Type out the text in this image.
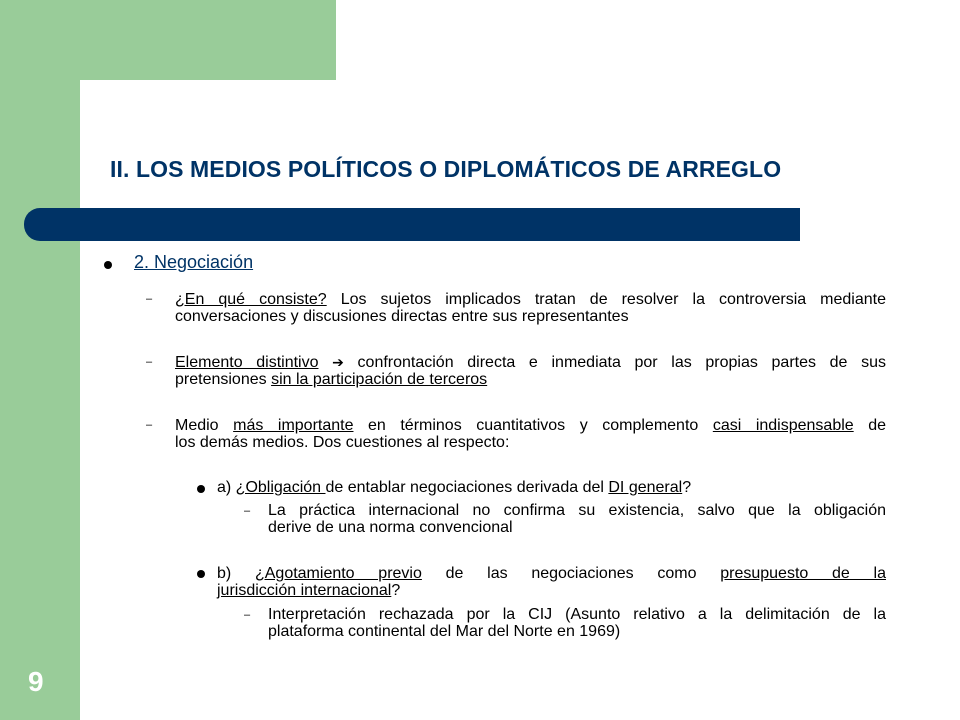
II. LOS MEDIOS POLÍTICOS O DIPLOMÁTICOS DE ARREGLO
9
2. Negociación
– ¿En qué consiste? Los sujetos implicados tratan de resolver la controversia mediante
conversaciones y discusiones directas entre sus representantes
– Elemento distintivo ➔ confrontación directa e inmediata por las propias partes de sus
pretensiones sin la participación de terceros
– Medio más importante en términos cuantitativos y complemento casi indispensable de
los demás medios. Dos cuestiones al respecto:
a) ¿Obligación de entablar negociaciones derivada del DI general?
– La práctica internacional no confirma su existencia, salvo que la obligación
derive de una norma convencional
b) ¿Agotamiento previo de las negociaciones como presupuesto de la
jurisdicción internacional?
– Interpretación rechazada por la CIJ (Asunto relativo a la delimitación de la
plataforma continental del Mar del Norte en 1969)
